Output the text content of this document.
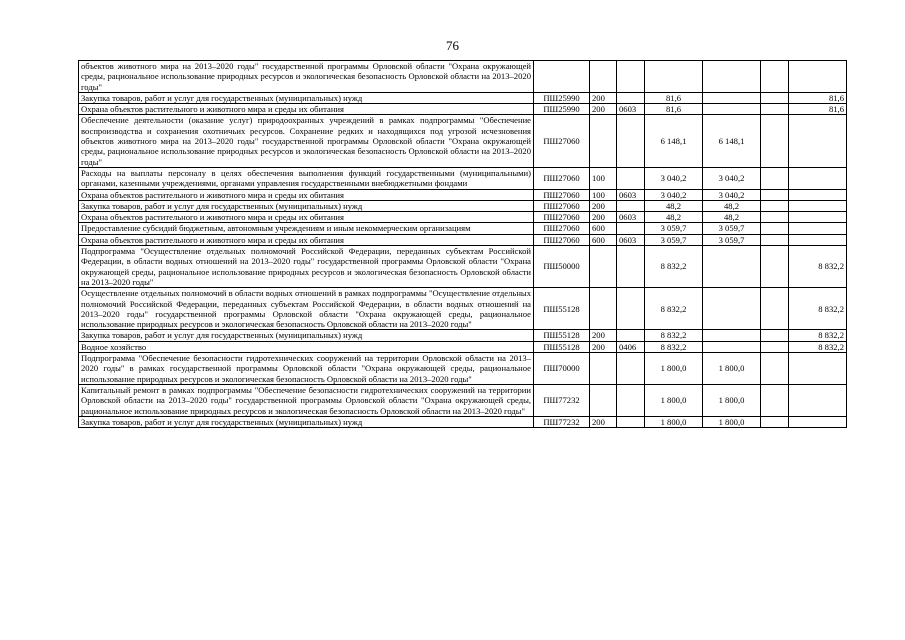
76
объектов животного мира на 2013–2020 годы" государственной программы Орловской области "Охрана окружающей среды, рациональное использование природных ресурсов и экологическая безопасность Орловской области на 2013–2020 годы"							
Закупка товаров, работ и услуг для государственных (муниципальных) нужд	ПШ25990	200		81,6			81,6
Охрана объектов растительного и животного мира и среды их обитания	ПШ25990	200	0603	81,6			81,6
Обеспечение деятельности (оказание услуг) природоохранных учреждений в рамках подпрограммы "Обеспечение воспроизводства и сохранения охотничьих ресурсов. Сохранение редких и находящихся под угрозой исчезновения объектов животного мира на 2013–2020 годы" государственной программы Орловской области "Охрана окружающей среды, рациональное использование природных ресурсов и экологическая безопасность Орловской области на 2013–2020 годы"	ПШ27060			6 148,1	6 148,1		
Расходы на выплаты персоналу в целях обеспечения выполнения функций государственными (муниципальными) органами, казенными учреждениями, органами управления государственными внебюджетными фондами	ПШ27060	100		3 040,2	3 040,2		
Охрана объектов растительного и животного мира и среды их обитания	ПШ27060	100	0603	3 040,2	3 040,2		
Закупка товаров, работ и услуг для государственных (муниципальных) нужд	ПШ27060	200		48,2	48,2		
Охрана объектов растительного и животного мира и среды их обитания	ПШ27060	200	0603	48,2	48,2		
Предоставление субсидий бюджетным, автономным учреждениям и иным некоммерческим организациям	ПШ27060	600		3 059,7	3 059,7		
Охрана объектов растительного и животного мира и среды их обитания	ПШ27060	600	0603	3 059,7	3 059,7		
Подпрограмма "Осуществление отдельных полномочий Российской Федерации, переданных субъектам Российской Федерации, в области водных отношений на 2013–2020 годы" государственной программы Орловской области "Охрана окружающей среды, рациональное использование природных ресурсов и экологическая безопасность Орловской области на 2013–2020 годы"	ПШ50000			8 832,2			8 832,2
Осуществление отдельных полномочий в области водных отношений в рамках подпрограммы "Осуществление отдельных полномочий Российской Федерации, переданных субъектам Российской Федерации, в области водных отношений на 2013–2020 годы" государственной программы Орловской области "Охрана окружающей среды, рациональное использование природных ресурсов и экологическая безопасность Орловской области на 2013–2020 годы"	ПШ55128			8 832,2			8 832,2
Закупка товаров, работ и услуг для государственных (муниципальных) нужд	ПШ55128	200		8 832,2			8 832,2
Водное хозяйство	ПШ55128	200	0406	8 832,2			8 832,2
Подпрограмма "Обеспечение безопасности гидротехнических сооружений на территории Орловской области на 2013–2020 годы" в рамках государственной программы Орловской области "Охрана окружающей среды, рациональное использование природных ресурсов и экологическая безопасность Орловской области на 2013–2020 годы"	ПШ70000			1 800,0	1 800,0		
Капитальный ремонт в рамках подпрограммы "Обеспечение безопасности гидротехнических сооружений на территории Орловской области на 2013–2020 годы" государственной программы Орловской области "Охрана окружающей среды, рациональное использование природных ресурсов и экологическая безопасность Орловской области на 2013–2020 годы"	ПШ77232			1 800,0	1 800,0		
Закупка товаров, работ и услуг для государственных (муниципальных) нужд	ПШ77232	200		1 800,0	1 800,0		
